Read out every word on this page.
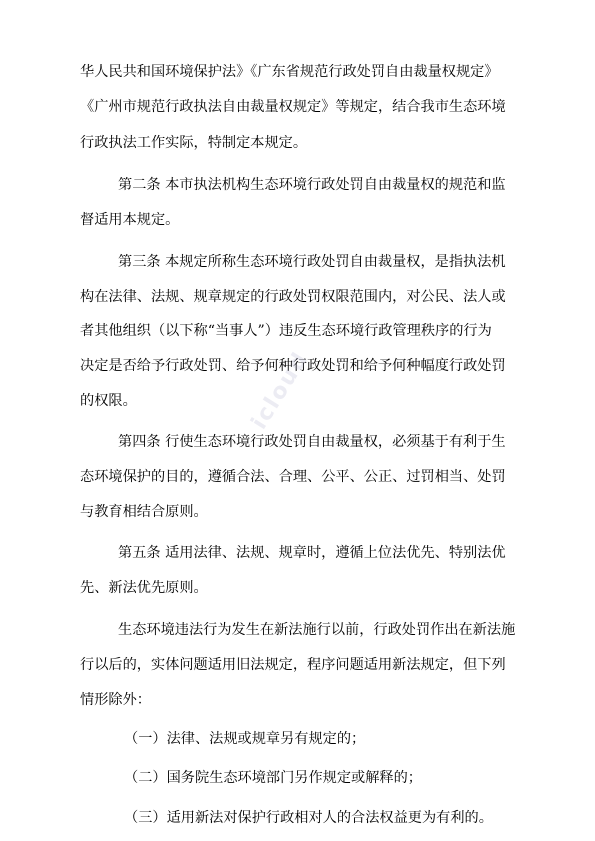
华人民共和国环境保护法》《广东省规范行政处罚自由裁量权规定》

《广州市规范行政执法自由裁量权规定》等规定，结合我市生态环境

行政执法工作实际，特制定本规定。

第二条 本市执法机构生态环境行政处罚自由裁量权的规范和监

督适用本规定。

第三条 本规定所称生态环境行政处罚自由裁量权，是指执法机

构在法律、法规、规章规定的行政处罚权限范围内，对公民、法人或

者其他组织（以下称“当事人”）违反生态环境行政管理秩序的行为

决定是否给予行政处罚、给予何种行政处罚和给予何种幅度行政处罚

的权限。

第四条 行使生态环境行政处罚自由裁量权，必须基于有利于生

态环境保护的目的，遵循合法、合理、公平、公正、过罚相当、处罚

与教育相结合原则。

第五条 适用法律、法规、规章时，遵循上位法优先、特别法优

先、新法优先原则。

生态环境违法行为发生在新法施行以前，行政处罚作出在新法施

行以后的，实体问题适用旧法规定，程序问题适用新法规定，但下列

情形除外：

（一）法律、法规或规章另有规定的；

（二）国务院生态环境部门另作规定或解释的；

（三）适用新法对保护行政相对人的合法权益更为有利的。

icloud
